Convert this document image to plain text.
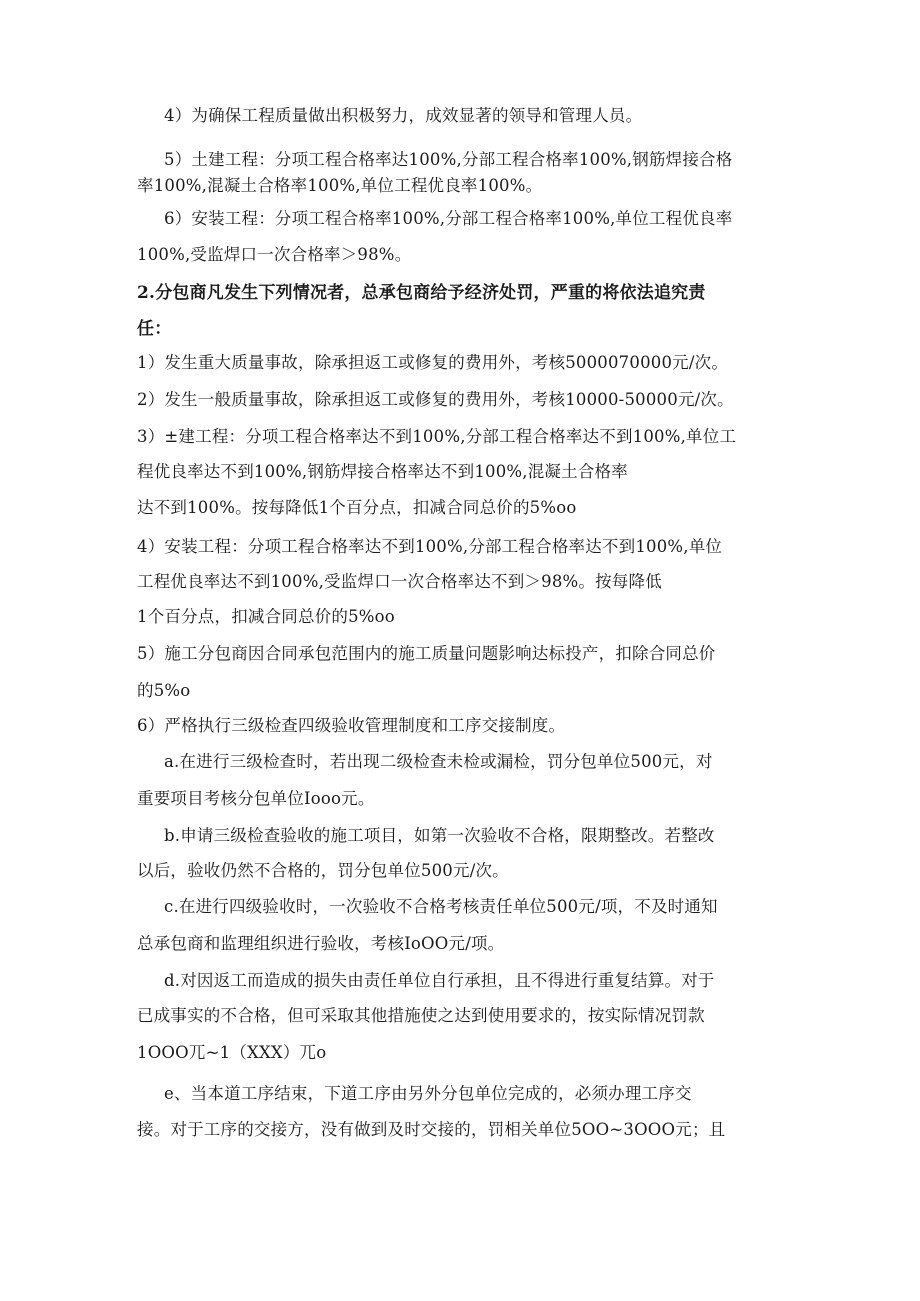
4）为确保工程质量做出积极努力，成效显著的领导和管理人员。
5）土建工程：分项工程合格率达100%,分部工程合格率100%,钢筋焊接合格
率100%,混凝土合格率100%,单位工程优良率100%。
6）安装工程：分项工程合格率100%,分部工程合格率100%,单位工程优良率
100%,受监焊口一次合格率＞98%。
2.分包商凡发生下列情况者，总承包商给予经济处罚，严重的将依法追究责
任：
1）发生重大质量事故，除承担返工或修复的费用外，考核5000070000元/次。
2）发生一般质量事故，除承担返工或修复的费用外，考核10000-50000元/次。
3）±建工程：分项工程合格率达不到100%,分部工程合格率达不到100%,单位工
程优良率达不到100%,钢筋焊接合格率达不到100%,混凝土合格率
达不到100%。按每降低1个百分点，扣减合同总价的5%oo
4）安装工程：分项工程合格率达不到100%,分部工程合格率达不到100%,单位
工程优良率达不到100%,受监焊口一次合格率达不到＞98%。按每降低
1个百分点，扣减合同总价的5%oo
5）施工分包商因合同承包范围内的施工质量问题影响达标投产，扣除合同总价
的5%o
6）严格执行三级检查四级验收管理制度和工序交接制度。
a.在进行三级检查时，若出现二级检查未检或漏检，罚分包单位500元，对
重要项目考核分包单位Iooo元。
b.申请三级检查验收的施工项目，如第一次验收不合格，限期整改。若整改
以后，验收仍然不合格的，罚分包单位500元/次。
c.在进行四级验收时，一次验收不合格考核责任单位500元/项，不及时通知
总承包商和监理组织进行验收，考核IoOO元/项。
d.对因返工而造成的损失由责任单位自行承担，且不得进行重复结算。对于
已成事实的不合格，但可采取其他措施使之达到使用要求的，按实际情况罚款
1OOO兀~1（XXX）兀o
e、当本道工序结束，下道工序由另外分包单位完成的，必须办理工序交
接。对于工序的交接方，没有做到及时交接的，罚相关单位5OO~3OOO元；且
